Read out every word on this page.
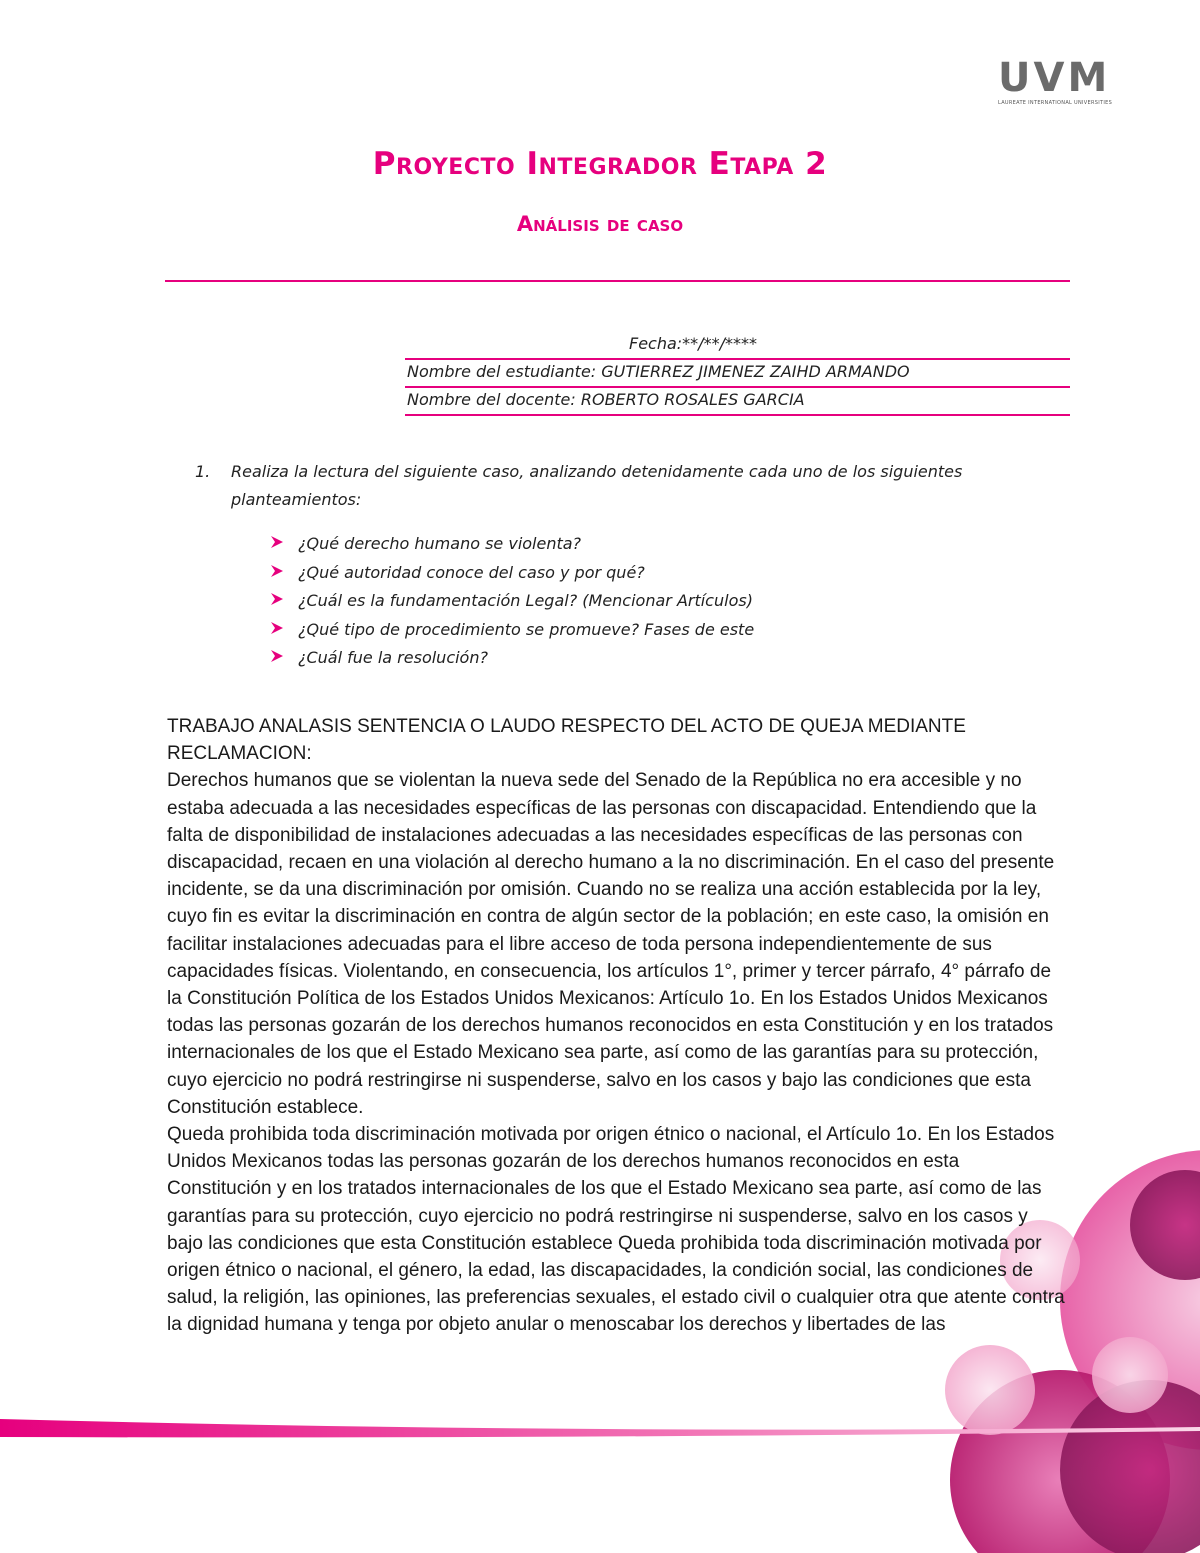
UVM
LAUREATE INTERNATIONAL UNIVERSITIES
Proyecto Integrador Etapa 2
Análisis de caso
Fecha:**/**/****
Nombre del estudiante: GUTIERREZ JIMENEZ ZAIHD ARMANDO
Nombre del docente: ROBERTO ROSALES GARCIA
1. Realiza la lectura del siguiente caso, analizando detenidamente cada uno de los siguientes planteamientos:
¿Qué derecho humano se violenta?
¿Qué autoridad conoce del caso y por qué?
¿Cuál es la fundamentación Legal? (Mencionar Artículos)
¿Qué tipo de procedimiento se promueve? Fases de este
¿Cuál fue la resolución?

TRABAJO ANALASIS SENTENCIA O LAUDO RESPECTO DEL ACTO DE QUEJA MEDIANTE RECLAMACION:

Derechos humanos que se violentan la nueva sede del Senado de la República no era accesible y no estaba adecuada a las necesidades específicas de las personas con discapacidad. Entendiendo que la falta de disponibilidad de instalaciones adecuadas a las necesidades específicas de las personas con discapacidad, recaen en una violación al derecho humano a la no discriminación. En el caso del presente incidente, se da una discriminación por omisión. Cuando no se realiza una acción establecida por la ley, cuyo fin es evitar la discriminación en contra de algún sector de la población; en este caso, la omisión en facilitar instalaciones adecuadas para el libre acceso de toda persona independientemente de sus capacidades físicas. Violentando, en consecuencia, los artículos 1°, primer y tercer párrafo, 4° párrafo de la Constitución Política de los Estados Unidos Mexicanos: Artículo 1o. En los Estados Unidos Mexicanos todas las personas gozarán de los derechos humanos reconocidos en esta Constitución y en los tratados internacionales de los que el Estado Mexicano sea parte, así como de las garantías para su protección, cuyo ejercicio no podrá restringirse ni suspenderse, salvo en los casos y bajo las condiciones que esta Constitución establece.

Queda prohibida toda discriminación motivada por origen étnico o nacional, el Artículo 1o. En los Estados Unidos Mexicanos todas las personas gozarán de los derechos humanos reconocidos en esta Constitución y en los tratados internacionales de los que el Estado Mexicano sea parte, así como de las garantías para su protección, cuyo ejercicio no podrá restringirse ni suspenderse, salvo en los casos y bajo las condiciones que esta Constitución establece Queda prohibida toda discriminación motivada por origen étnico o nacional, el género, la edad, las discapacidades, la condición social, las condiciones de salud, la religión, las opiniones, las preferencias sexuales, el estado civil o cualquier otra que atente contra la dignidad humana y tenga por objeto anular o menoscabar los derechos y libertades de las
